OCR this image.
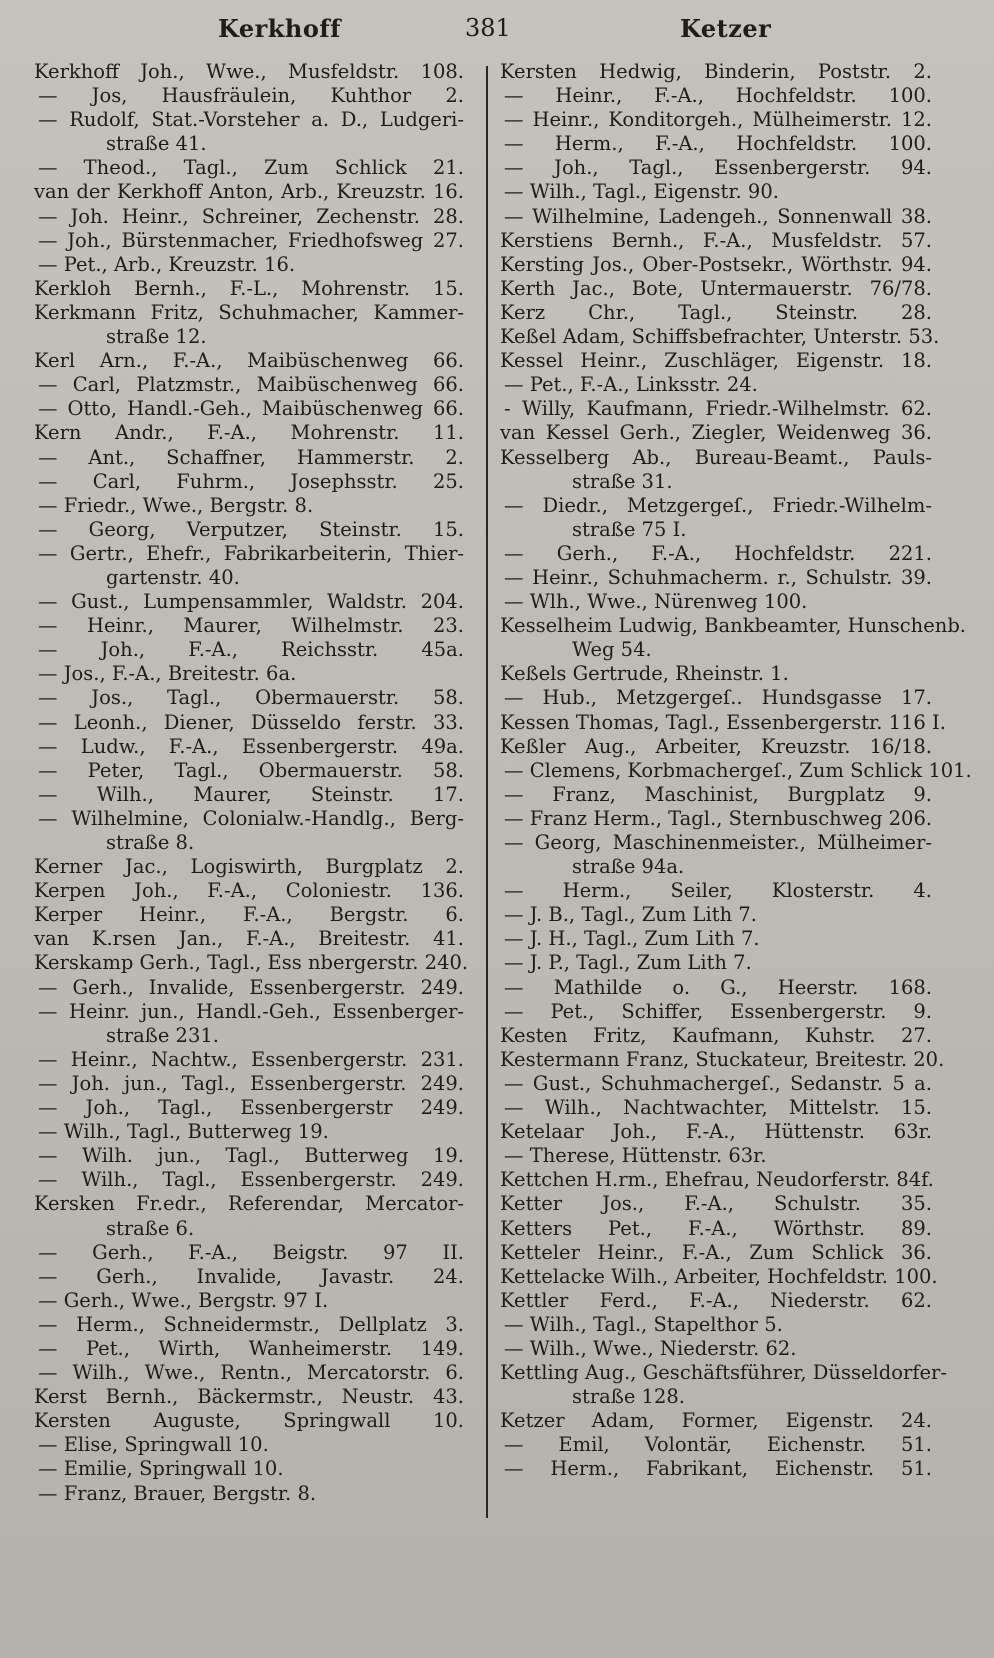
Kerkhoff	381	Ketzer
Kerkhoff Joh., Wwe., Musfeldstr. 108.
— Jos, Hausfräulein, Kuhthor 2.
— Rudolf, Stat.-Vorsteher a. D., Ludgeri-
straße 41.
— Theod., Tagl., Zum Schlick 21.
van der Kerkhoff Anton, Arb., Kreuzstr. 16.
— Joh. Heinr., Schreiner, Zechenstr. 28.
— Joh., Bürstenmacher, Friedhofsweg 27.
— Pet., Arb., Kreuzstr. 16.
Kerkloh Bernh., F.-L., Mohrenstr. 15.
Kerkmann Fritz, Schuhmacher, Kammer-
straße 12.
Kerl Arn., F.-A., Maibüschenweg 66.
— Carl, Platzmstr., Maibüschenweg 66.
— Otto, Handl.-Geh., Maibüschenweg 66.
Kern Andr., F.-A., Mohrenstr. 11.
— Ant., Schaffner, Hammerstr. 2.
— Carl, Fuhrm., Josephsstr. 25.
— Friedr., Wwe., Bergstr. 8.
— Georg, Verputzer, Steinstr. 15.
— Gertr., Ehefr., Fabrikarbeiterin, Thier-
gartenstr. 40.
— Gust., Lumpensammler, Waldstr. 204.
— Heinr., Maurer, Wilhelmstr. 23.
— Joh., F.-A., Reichsstr. 45a.
— Jos., F.-A., Breitestr. 6a.
— Jos., Tagl., Obermauerstr. 58.
— Leonh., Diener, Düsseldo ferstr. 33.
— Ludw., F.-A., Essenbergerstr. 49a.
— Peter, Tagl., Obermauerstr. 58.
— Wilh., Maurer, Steinstr. 17.
— Wilhelmine, Colonialw.-Handlg., Berg-
straße 8.
Kerner Jac., Logiswirth, Burgplatz 2.
Kerpen Joh., F.-A., Coloniestr. 136.
Kerper Heinr., F.-A., Bergstr. 6.
van K.rsen Jan., F.-A., Breitestr. 41.
Kerskamp Gerh., Tagl., Ess nbergerstr. 240.
— Gerh., Invalide, Essenbergerstr. 249.
— Heinr. jun., Handl.-Geh., Essenberger-
straße 231.
— Heinr., Nachtw., Essenbergerstr. 231.
— Joh. jun., Tagl., Essenbergerstr. 249.
— Joh., Tagl., Essenbergerstr 249.
— Wilh., Tagl., Butterweg 19.
— Wilh. jun., Tagl., Butterweg 19.
— Wilh., Tagl., Essenbergerstr. 249.
Kersken Fr.edr., Referendar, Mercator-
straße 6.
— Gerh., F.-A., Beigstr. 97 II.
— Gerh., Invalide, Javastr. 24.
— Gerh., Wwe., Bergstr. 97 I.
— Herm., Schneidermstr., Dellplatz 3.
— Pet., Wirth, Wanheimerstr. 149.
— Wilh., Wwe., Rentn., Mercatorstr. 6.
Kerst Bernh., Bäckermstr., Neustr. 43.
Kersten Auguste, Springwall 10.
— Elise, Springwall 10.
— Emilie, Springwall 10.
— Franz, Brauer, Bergstr. 8.
Kersten Hedwig, Binderin, Poststr. 2.
— Heinr., F.-A., Hochfeldstr. 100.
— Heinr., Konditorgeh., Mülheimerstr. 12.
— Herm., F.-A., Hochfeldstr. 100.
— Joh., Tagl., Essenbergerstr. 94.
— Wilh., Tagl., Eigenstr. 90.
— Wilhelmine, Ladengeh., Sonnenwall 38.
Kerstiens Bernh., F.-A., Musfeldstr. 57.
Kersting Jos., Ober-Postsekr., Wörthstr. 94.
Kerth Jac., Bote, Untermauerstr. 76/78.
Kerz Chr., Tagl., Steinstr. 28.
Keßel Adam, Schiffsbefrachter, Unterstr. 53.
Kessel Heinr., Zuschläger, Eigenstr. 18.
— Pet., F.-A., Linksstr. 24.
- Willy, Kaufmann, Friedr.-Wilhelmstr. 62.
van Kessel Gerh., Ziegler, Weidenweg 36.
Kesselberg Ab., Bureau-Beamt., Pauls-
straße 31.
— Diedr., Metzgergeſ., Friedr.-Wilhelm-
straße 75 I.
— Gerh., F.-A., Hochfeldstr. 221.
— Heinr., Schuhmacherm. r., Schulstr. 39.
— Wlh., Wwe., Nürenweg 100.
Kesselheim Ludwig, Bankbeamter, Hunschenb.
Weg 54.
Keßels Gertrude, Rheinstr. 1.
— Hub., Metzgergeſ.. Hundsgasse 17.
Kessen Thomas, Tagl., Essenbergerstr. 116 I.
Keßler Aug., Arbeiter, Kreuzstr. 16/18.
— Clemens, Korbmachergeſ., Zum Schlick 101.
— Franz, Maschinist, Burgplatz 9.
— Franz Herm., Tagl., Sternbuschweg 206.
— Georg, Maschinenmeister., Mülheimer-
straße 94a.
— Herm., Seiler, Klosterstr. 4.
— J. B., Tagl., Zum Lith 7.
— J. H., Tagl., Zum Lith 7.
— J. P., Tagl., Zum Lith 7.
— Mathilde o. G., Heerstr. 168.
— Pet., Schiffer, Essenbergerstr. 9.
Kesten Fritz, Kaufmann, Kuhstr. 27.
Kestermann Franz, Stuckateur, Breitestr. 20.
— Gust., Schuhmachergeſ., Sedanstr. 5 a.
— Wilh., Nachtwachter, Mittelstr. 15.
Ketelaar Joh., F.-A., Hüttenstr. 63r.
— Therese, Hüttenstr. 63r.
Kettchen H.rm., Ehefrau, Neudorferstr. 84f.
Ketter Jos., F.-A., Schulstr. 35.
Ketters Pet., F.-A., Wörthstr. 89.
Ketteler Heinr., F.-A., Zum Schlick 36.
Kettelacke Wilh., Arbeiter, Hochfeldstr. 100.
Kettler Ferd., F.-A., Niederstr. 62.
— Wilh., Tagl., Stapelthor 5.
— Wilh., Wwe., Niederstr. 62.
Kettling Aug., Geschäftsführer, Düsseldorfer-
straße 128.
Ketzer Adam, Former, Eigenstr. 24.
— Emil, Volontär, Eichenstr. 51.
— Herm., Fabrikant, Eichenstr. 51.
